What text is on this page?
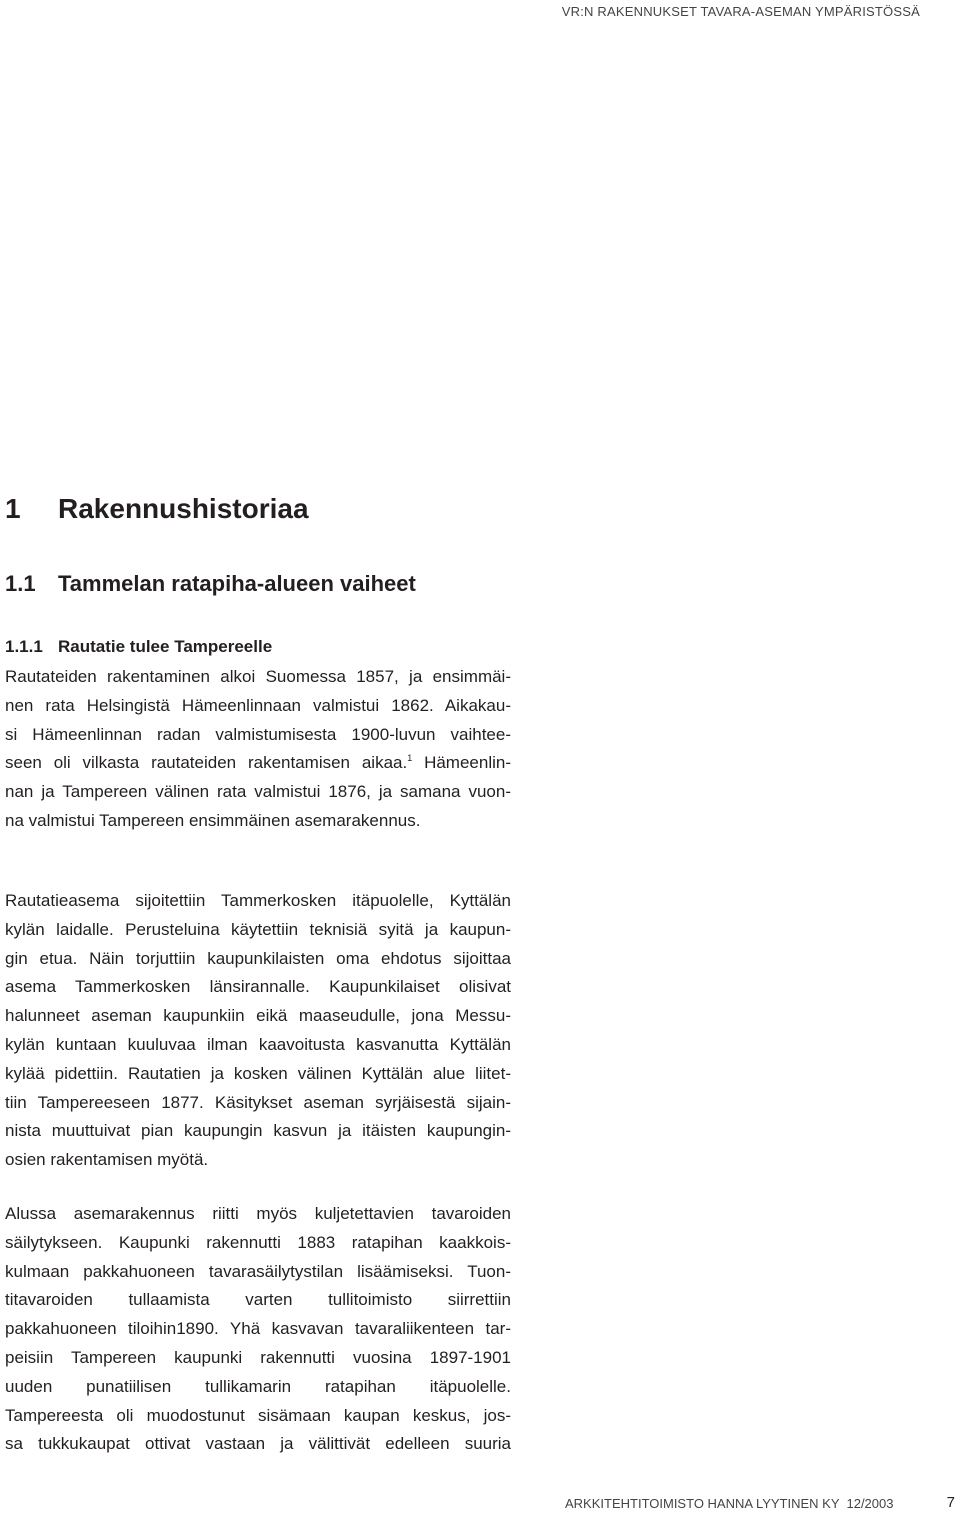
VR:N RAKENNUKSET TAVARA-ASEMAN YMPÄRISTÖSSÄ
1 Rakennushistoriaa
1.1 Tammelan ratapiha-alueen vaiheet
1.1.1 Rautatie tulee Tampereelle

Rautateiden rakentaminen alkoi Suomessa 1857, ja ensimmäi-
nen rata Helsingistä Hämeenlinnaan valmistui 1862. Aikakau-
si Hämeenlinnan radan valmistumisesta 1900-luvun vaihtee-
seen oli vilkasta rautateiden rakentamisen aikaa.$^1$ Hämeenlin-
nan ja Tampereen välinen rata valmistui 1876, ja samana vuon-
na valmistui Tampereen ensimmäinen asemarakennus.

Rautatieasema sijoitettiin Tammerkosken itäpuolelle, Kyttälän
kylän laidalle. Perusteluina käytettiin teknisiä syitä ja kaupun-
gin etua. Näin torjuttiin kaupunkilaisten oma ehdotus sijoittaa
asema Tammerkosken länsirannalle. Kaupunkilaiset olisivat
halunneet aseman kaupunkiin eikä maaseudulle, jona Messu-
kylän kuntaan kuuluvaa ilman kaavoitusta kasvanutta Kyttälän
kylää pidettiin. Rautatien ja kosken välinen Kyttälän alue liitet-
tiin Tampereeseen 1877. Käsitykset aseman syrjäisestä sijain-
nista muuttuivat pian kaupungin kasvun ja itäisten kaupungin-
osien rakentamisen myötä.

Alussa asemarakennus riitti myös kuljetettavien tavaroiden
säilytykseen. Kaupunki rakennutti 1883 ratapihan kaakkois-
kulmaan pakkahuoneen tavarasäilytystilan lisäämiseksi. Tuon-
titavaroiden tullaamista varten tullitoimisto siirrettiin
pakkahuoneen tiloihin1890. Yhä kasvavan tavaraliikenteen tar-
peisiin Tampereen kaupunki rakennutti vuosina 1897-1901
uuden punatiilisen tullikamarin ratapihan itäpuolelle.
Tampereesta oli muodostunut sisämaan kaupan keskus, jos-
sa tukkukaupat ottivat vastaan ja välittivät edelleen suuria

ARKKITEHTITOIMISTO HANNA LYYTINEN KY  12/2003	7
